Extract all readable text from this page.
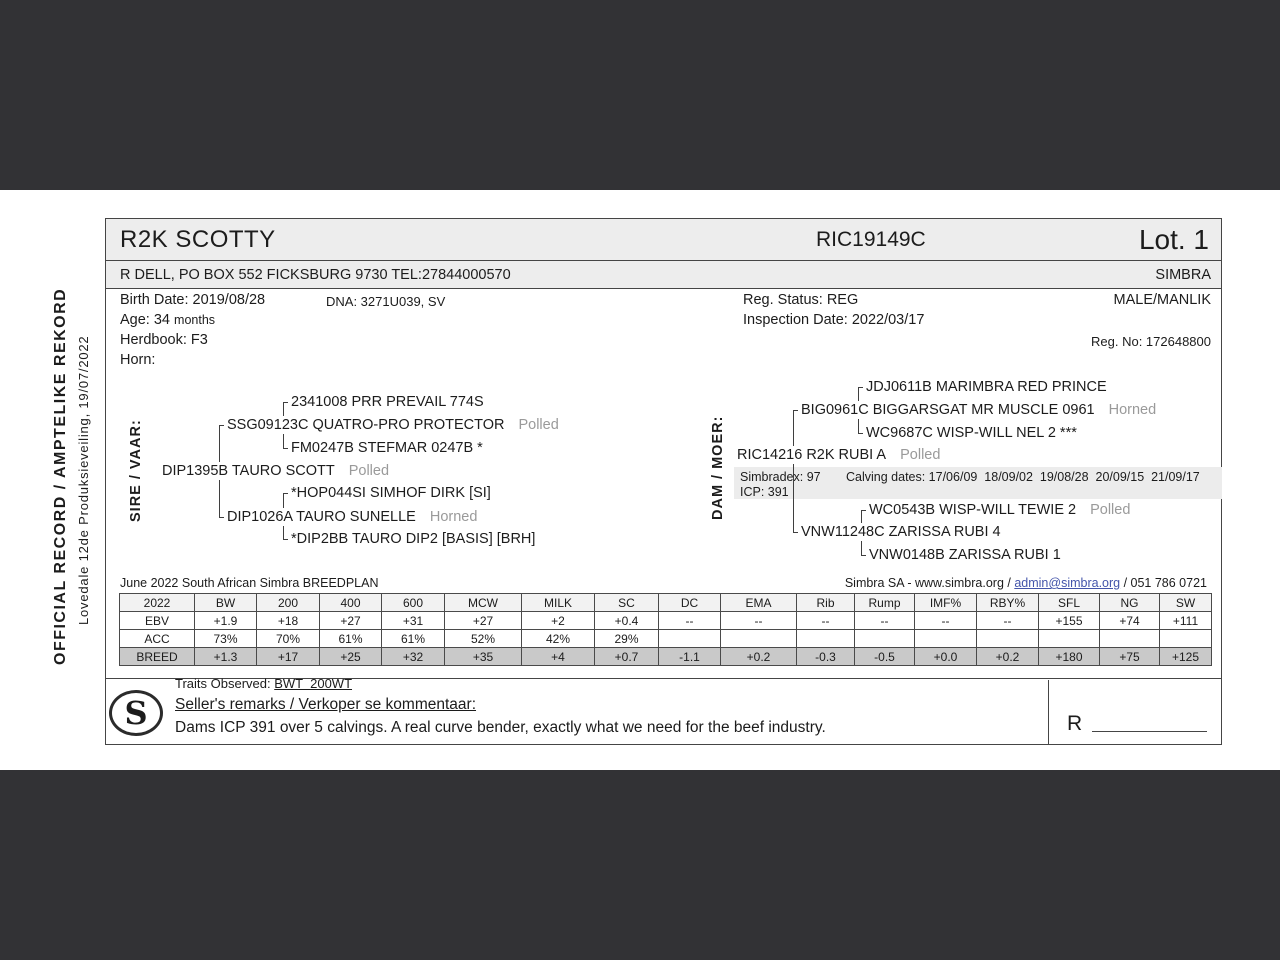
OFFICIAL RECORD / AMPTELIKE REKORD Lovedale 12de Produksieveiling, 19/07/2022
R2K SCOTTY	RIC19149C	Lot. 1
R DELL, PO BOX 552 FICKSBURG 9730 TEL:27844000570	SIMBRA
Birth Date: 2019/08/28	DNA: 3271U039, SV
Age: 34 months
Herdbook: F3
Horn:
Reg. Status: REG
Inspection Date: 2022/03/17
MALE/MANLIK
Reg. No: 172648800
SIRE / VAAR:	DAM / MOER:
2341008 PRR PREVAIL 774S
SSG09123C QUATRO-PRO PROTECTOR Polled
FM0247B STEFMAR 0247B *
DIP1395B TAURO SCOTT Polled
*HOP044SI SIMHOF DIRK [SI]
DIP1026A TAURO SUNELLE Horned
*DIP2BB TAURO DIP2 [BASIS] [BRH]
JDJ0611B MARIMBRA RED PRINCE
BIG0961C BIGGARSGAT MR MUSCLE 0961 Horned
WC9687C WISP-WILL NEL 2 ***
RIC14216 R2K RUBI A Polled
Simbradex: 97 Calving dates: 17/06/09  18/09/02  19/08/28  20/09/15  21/09/17
ICP: 391
WC0543B WISP-WILL TEWIE 2 Polled
VNW11248C ZARISSA RUBI 4
VNW0148B ZARISSA RUBI 1
June 2022 South African Simbra BREEDPLAN	Simbra SA - www.simbra.org / admin@simbra.org / 051 786 0721
2022	BW	200	400	600	MCW	MILK	SC	DC	EMA	Rib	Rump	IMF%	RBY%	SFL	NG	SW
EBV	+1.9	+18	+27	+31	+27	+2	+0.4	--	--	--	--	--	--	+155	+74	+111
ACC	73%	70%	61%	61%	52%	42%	29%									
BREED	+1.3	+17	+25	+32	+35	+4	+0.7	-1.1	+0.2	-0.3	-0.5	+0.0	+0.2	+180	+75	+125
S
Traits Observed: BWT  200WT
Seller's remarks / Verkoper se kommentaar:
Dams ICP 391 over 5 calvings. A real curve bender, exactly what we need for the beef industry.	R
